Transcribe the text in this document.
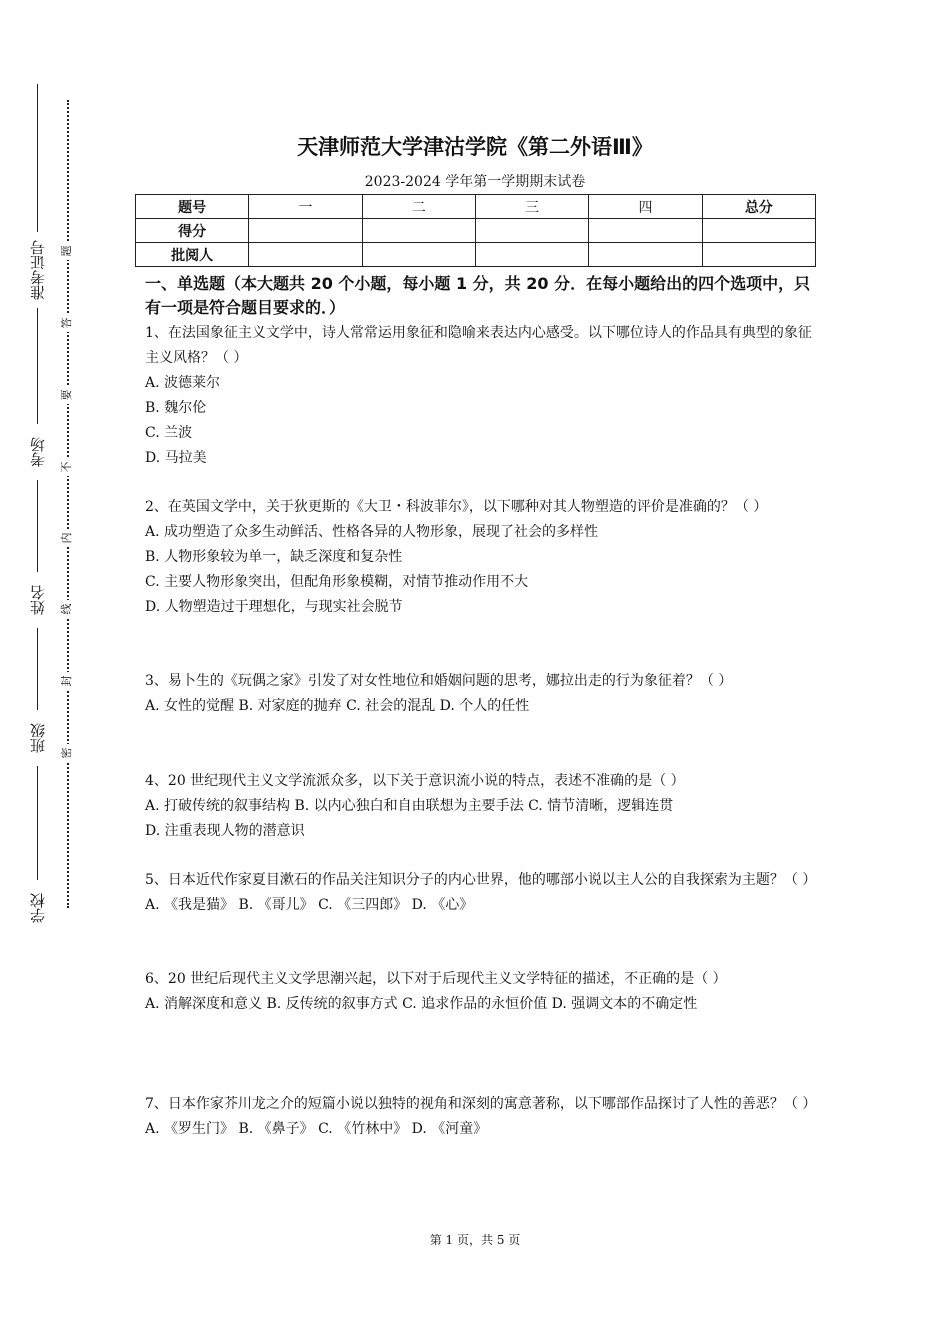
准考证号
考场
姓名
班级
学校
题
答
要
不
内
线
封
密
天津师范大学津沽学院《第二外语Ⅲ》
2023-2024 学年第一学期期末试卷
题号	一	二	三	四	总分
得分					
批阅人					
一、单选题（本大题共 20 个小题，每小题 1 分，共 20 分．在每小题给出的四个选项中，只有一项是符合题目要求的．）

1、在法国象征主义文学中，诗人常常运用象征和隐喻来表达内心感受。以下哪位诗人的作品具有典型的象征主义风格？（ ）

A. 波德莱尔

B. 魏尔伦

C. 兰波

D. 马拉美

2、在英国文学中，关于狄更斯的《大卫・科波菲尔》，以下哪种对其人物塑造的评价是准确的？（ ）

A. 成功塑造了众多生动鲜活、性格各异的人物形象，展现了社会的多样性

B. 人物形象较为单一，缺乏深度和复杂性

C. 主要人物形象突出，但配角形象模糊，对情节推动作用不大

D. 人物塑造过于理想化，与现实社会脱节

3、易卜生的《玩偶之家》引发了对女性地位和婚姻问题的思考，娜拉出走的行为象征着？（ ）

A. 女性的觉醒 B. 对家庭的抛弃 C. 社会的混乱 D. 个人的任性

4、20 世纪现代主义文学流派众多，以下关于意识流小说的特点，表述不准确的是（ ）

A. 打破传统的叙事结构 B. 以内心独白和自由联想为主要手法 C. 情节清晰，逻辑连贯

D. 注重表现人物的潜意识

5、日本近代作家夏目漱石的作品关注知识分子的内心世界，他的哪部小说以主人公的自我探索为主题？（ ）

A. 《我是猫》 B. 《哥儿》 C. 《三四郎》 D. 《心》

6、20 世纪后现代主义文学思潮兴起，以下对于后现代主义文学特征的描述，不正确的是（ ）

A. 消解深度和意义 B. 反传统的叙事方式 C. 追求作品的永恒价值 D. 强调文本的不确定性

7、日本作家芥川龙之介的短篇小说以独特的视角和深刻的寓意著称，以下哪部作品探讨了人性的善恶？（ ）

A. 《罗生门》 B. 《鼻子》 C. 《竹林中》 D. 《河童》

第 1 页，共 5 页
